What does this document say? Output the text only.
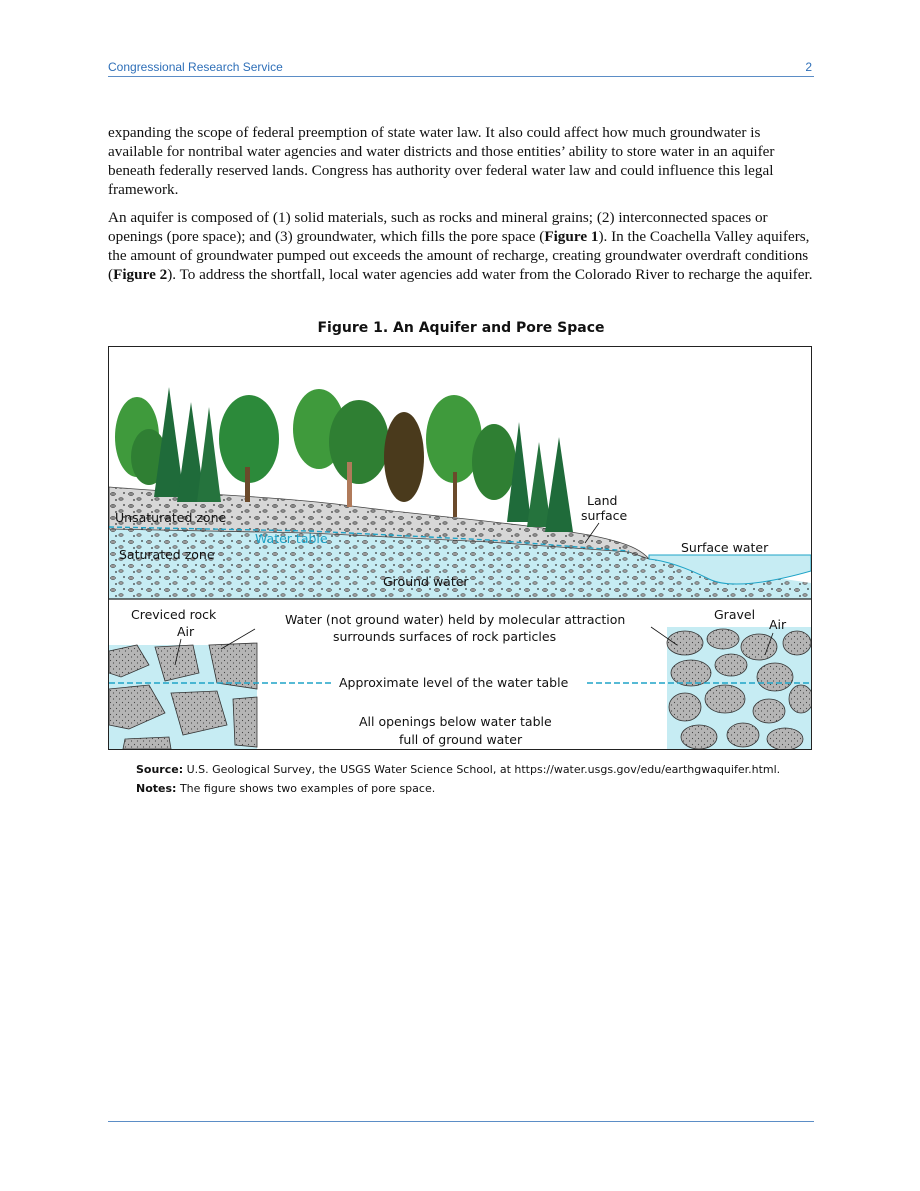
Congressional Research Service	2

expanding the scope of federal preemption of state water law. It also could affect how much groundwater is available for nontribal water agencies and water districts and those entities’ ability to store water in an aquifer beneath federally reserved lands. Congress has authority over federal water law and could influence this legal framework.

An aquifer is composed of (1) solid materials, such as rocks and mineral grains; (2) interconnected spaces or openings (pore space); and (3) groundwater, which fills the pore space (Figure 1). In the Coachella Valley aquifers, the amount of groundwater pumped out exceeds the amount of recharge, creating groundwater overdraft conditions (Figure 2). To address the shortfall, local water agencies add water from the Colorado River to recharge the aquifer.

Figure 1. An Aquifer and Pore Space
Land
surface
Unsaturated zone
Water table
Saturated zone	Surface water
Ground water
Creviced rock
Air
Gravel
Air
Water (not ground water) held by molecular attraction
surrounds surfaces of rock particles
Approximate level of the water table
All openings below water table
full of ground water
Source: U.S. Geological Survey, the USGS Water Science School, at https://water.usgs.gov/edu/earthgwaquifer.html.
Notes: The figure shows two examples of pore space.
